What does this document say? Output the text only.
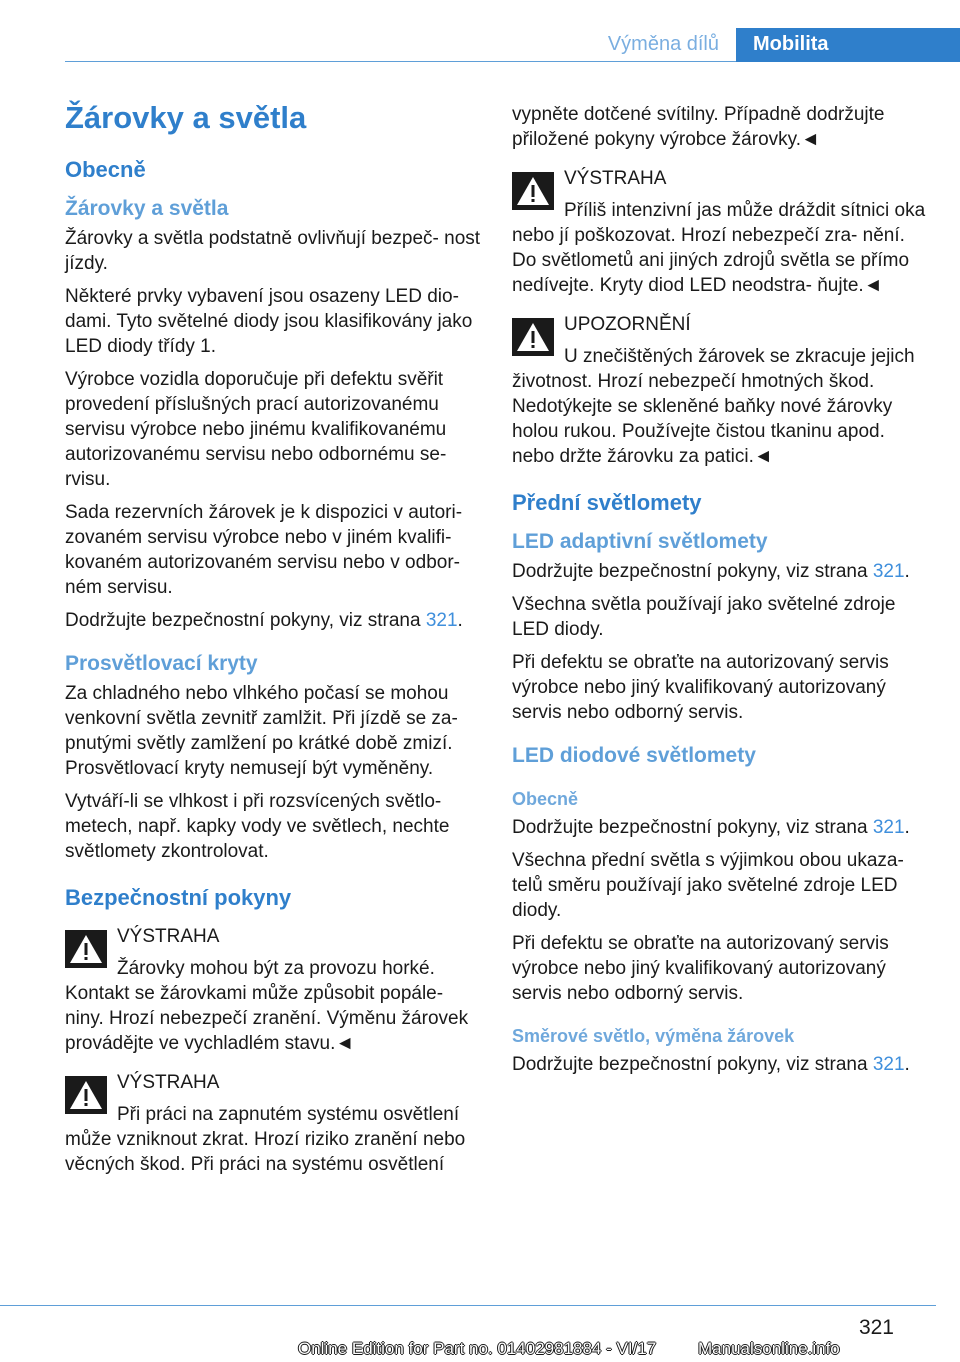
Výměna dílů	Mobilita
Žárovky a světla
Obecně
Žárovky a světla

Žárovky a světla podstatně ovlivňují bezpeč‐ nost jízdy.

Některé prvky vybavení jsou osazeny LED dio‐ dami. Tyto světelné diody jsou klasifikovány jako LED diody třídy 1.

Výrobce vozidla doporučuje při defektu svěřit provedení příslušných prací autorizovanému servisu výrobce nebo jinému kvalifikovanému autorizovanému servisu nebo odbornému se‐ rvisu.

Sada rezervních žárovek je k dispozici v autori‐ zovaném servisu výrobce nebo v jiném kvalifi‐ kovaném autorizovaném servisu nebo v odbor‐ ném servisu.

Dodržujte bezpečnostní pokyny, viz strana 321.

Prosvětlovací kryty

Za chladného nebo vlhkého počasí se mohou venkovní světla zevnitř zamlžit. Při jízdě se za‐ pnutými světly zamlžení po krátké době zmizí. Prosvětlovací kryty nemusejí být vyměněny.

Vytváří-li se vlhkost i při rozsvícených světlo‐ metech, např. kapky vody ve světlech, nechte světlomety zkontrolovat.

Bezpečnostní pokyny
VÝSTRAHA
Žárovky mohou být za provozu horké. Kontakt se žárovkami může způsobit popále‐ niny. Hrozí nebezpečí zranění. Výměnu žárovek provádějte ve vychladlém stavu.◄
VÝSTRAHA
Při práci na zapnutém systému osvětlení může vzniknout zkrat. Hrozí riziko zranění nebo věcných škod. Při práci na systému osvětlení

vypněte dotčené svítilny. Případně dodržujte přiložené pokyny výrobce žárovky.◄

VÝSTRAHA
Příliš intenzivní jas může dráždit sítnici oka nebo jí poškozovat. Hrozí nebezpečí zra‐ nění. Do světlometů ani jiných zdrojů světla se přímo nedívejte. Kryty diod LED neodstra‐ ňujte.◄
UPOZORNĚNÍ
U znečištěných žárovek se zkracuje jejich životnost. Hrozí nebezpečí hmotných škod. Nedotýkejte se skleněné baňky nové žárovky holou rukou. Používejte čistou tkaninu apod. nebo držte žárovku za patici.◄
Přední světlomety
LED adaptivní světlomety

Dodržujte bezpečnostní pokyny, viz strana 321.

Všechna světla používají jako světelné zdroje LED diody.

Při defektu se obraťte na autorizovaný servis výrobce nebo jiný kvalifikovaný autorizovaný servis nebo odborný servis.

LED diodové světlomety
Obecně

Dodržujte bezpečnostní pokyny, viz strana 321.

Všechna přední světla s výjimkou obou ukaza‐ telů směru používají jako světelné zdroje LED diody.

Při defektu se obraťte na autorizovaný servis výrobce nebo jiný kvalifikovaný autorizovaný servis nebo odborný servis.

Směrové světlo, výměna žárovek

Dodržujte bezpečnostní pokyny, viz strana 321.

321
Online Edition for Part no. 01402981884 - VI/17 Manualsonline.info
